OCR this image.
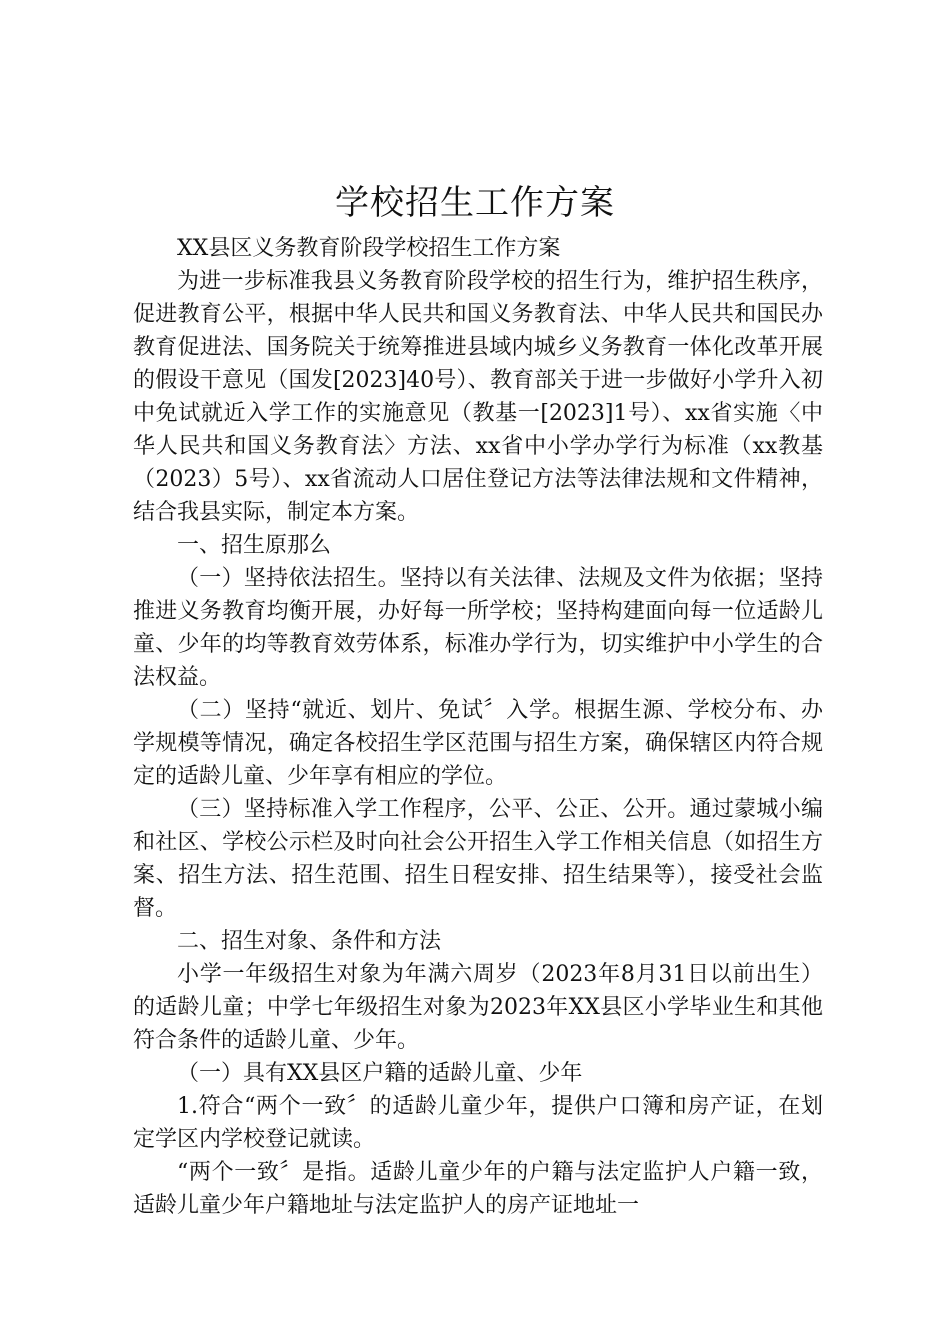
学校招生工作方案

XX县区义务教育阶段学校招生工作方案

为进一步标准我县义务教育阶段学校的招生行为，维护招生秩序，促进教育公平，根据中华人民共和国义务教育法、中华人民共和国民办教育促进法、国务院关于统筹推进县域内城乡义务教育一体化改革开展的假设干意见（国发[2023]40号）、教育部关于进一步做好小学升入初中免试就近入学工作的实施意见（教基一[2023]1号）、xx省实施〈中华人民共和国义务教育法〉方法、xx省中小学办学行为标准（xx教基（2023）5号）、xx省流动人口居住登记方法等法律法规和文件精神，结合我县实际，制定本方案。

一、招生原那么

（一）坚持依法招生。坚持以有关法律、法规及文件为依据；坚持推进义务教育均衡开展，办好每一所学校；坚持构建面向每一位适龄儿童、少年的均等教育效劳体系，标准办学行为，切实维护中小学生的合法权益。

（二）坚持“就近、划片、免试〞入学。根据生源、学校分布、办学规模等情况，确定各校招生学区范围与招生方案，确保辖区内符合规定的适龄儿童、少年享有相应的学位。

（三）坚持标准入学工作程序，公平、公正、公开。通过蒙城小编和社区、学校公示栏及时向社会公开招生入学工作相关信息（如招生方案、招生方法、招生范围、招生日程安排、招生结果等），接受社会监督。

二、招生对象、条件和方法

小学一年级招生对象为年满六周岁（2023年8月31日以前出生）的适龄儿童；中学七年级招生对象为2023年XX县区小学毕业生和其他符合条件的适龄儿童、少年。

（一）具有XX县区户籍的适龄儿童、少年

1.符合“两个一致〞的适龄儿童少年，提供户口簿和房产证，在划定学区内学校登记就读。

“两个一致〞是指。适龄儿童少年的户籍与法定监护人户籍一致，适龄儿童少年户籍地址与法定监护人的房产证地址一
